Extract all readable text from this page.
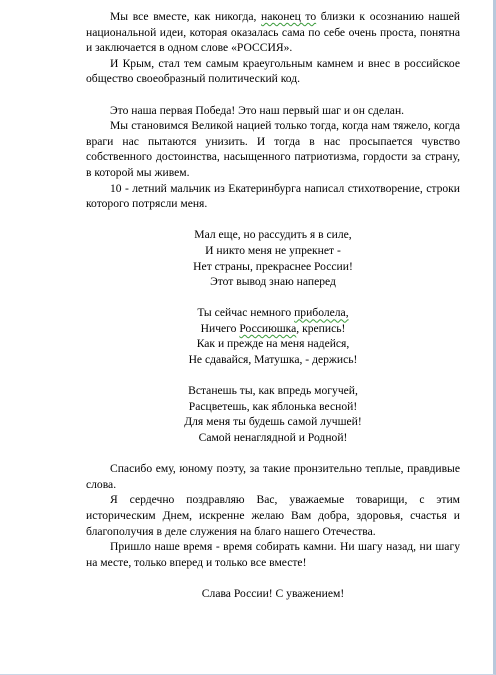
Мы все вместе, как никогда, наконец то близки к осознанию нашей национальной идеи, которая оказалась сама по себе очень проста, понятна и заключается в одном слове «РОССИЯ».

И Крым, стал тем самым краеугольным камнем и внес в российское общество своеобразный политический код.

Это наша первая Победа! Это наш первый шаг и он сделан.

Мы становимся Великой нацией только тогда, когда нам тяжело, когда враги нас пытаются унизить. И тогда в нас просыпается чувство собственного достоинства, насыщенного патриотизма, гордости за страну, в которой мы живем.

10 - летний мальчик из Екатеринбурга написал стихотворение, строки которого потрясли меня.

Мал еще, но рассудить я в силе,
И никто меня не упрекнет -
Нет страны, прекраснее России!
Этот вывод знаю наперед
Ты сейчас немного приболела,
Ничего Россиюшка, крепись!
Как и прежде на меня надейся,
Не сдавайся, Матушка, - держись!
Встанешь ты, как впредь могучей,
Расцветешь, как яблонька весной!
Для меня ты будешь самой лучшей!
Самой ненаглядной и Родной!

Спасибо ему, юному поэту, за такие пронзительно теплые, правдивые слова.

Я сердечно поздравляю Вас, уважаемые товарищи, с этим историческим Днем, искренне желаю Вам добра, здоровья, счастья и благополучия в деле служения на благо нашего Отечества.

Пришло наше время - время собирать камни. Ни шагу назад, ни шагу на месте, только вперед и только все вместе!

Слава России! С уважением!
